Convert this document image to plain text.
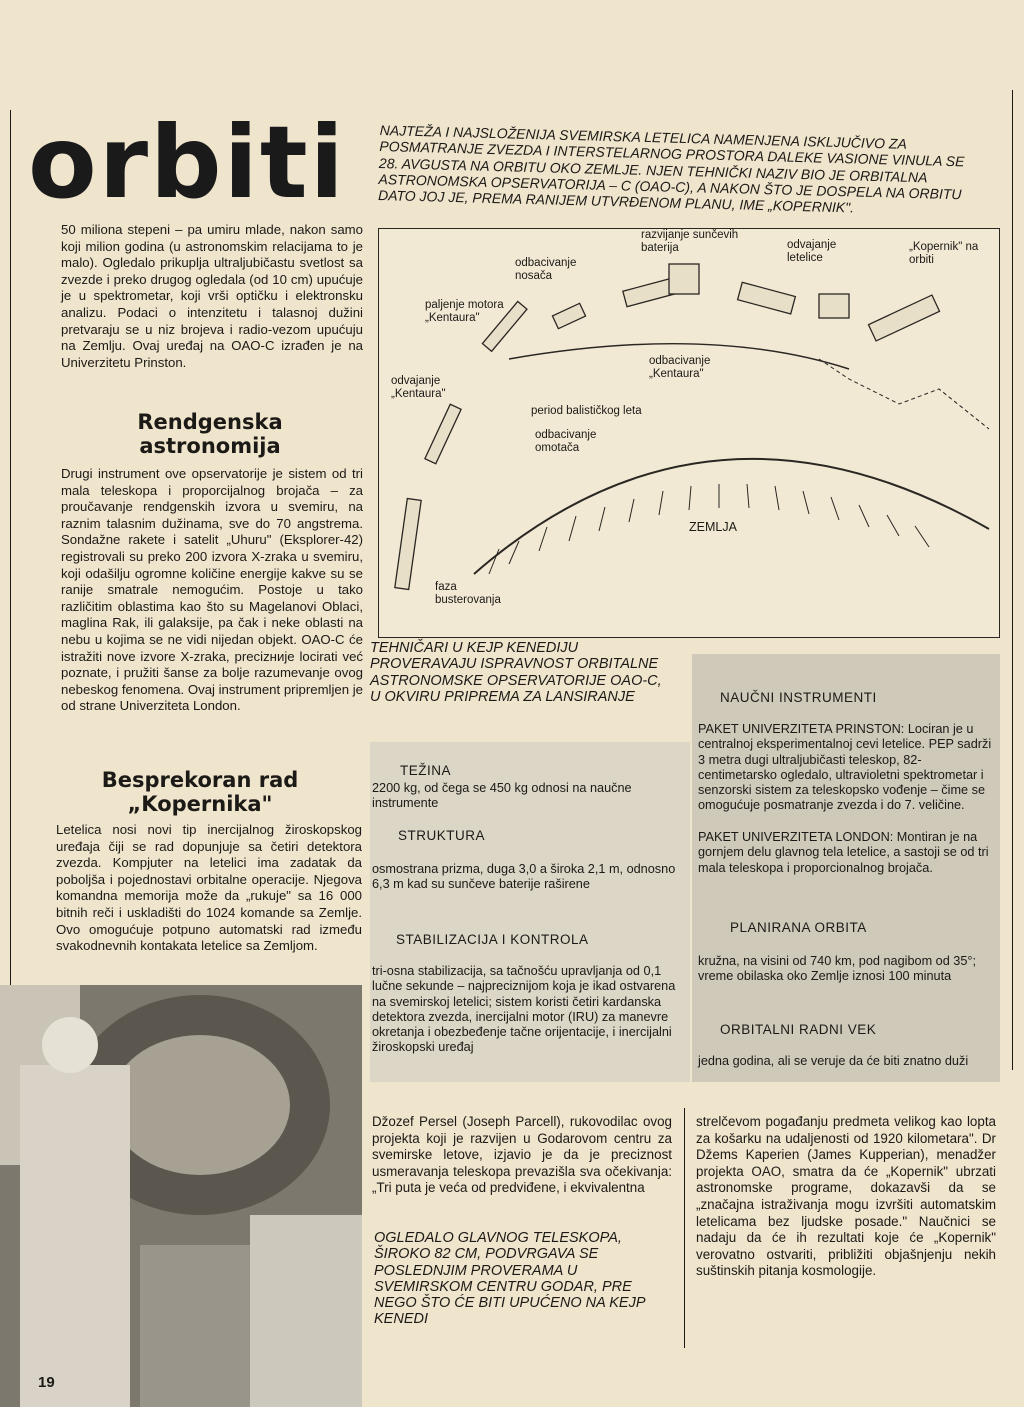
orbiti
50 miliona stepeni – pa umiru mlade, nakon samo koji milion godina (u astronomskim relacijama to je malo). Ogledalo prikuplja ultraljubičastu svetlost sa zvezde i preko drugog ogledala (od 10 cm) upućuje je u spektrometar, koji vrši optičku i elektronsku analizu. Podaci o intenzitetu i talasnoj dužini pretvaraju se u niz brojeva i radio-vezom upućuju na Zemlju. Ovaj uređaj na OAO-C izrađen je na Univerzitetu Prinston.
Rendgenska astronomija
Drugi instrument ove opservatorije je sistem od tri mala teleskopa i proporcijalnog brojača – za proučavanje rendgenskih izvora u svemiru, na raznim talasnim dužinama, sve do 70 angstrema. Sondažne rakete i satelit „Uhuru" (Eksplorer-42) registrovali su preko 200 izvora X-zraka u svemiru, koji odašilju ogromne količine energije kakve su se ranije smatrale nemogućim. Postoje u tako različitim oblastima kao što su Magelanovi Oblaci, maglina Rak, ili galaksije, pa čak i neke oblasti na nebu u kojima se ne vidi nijedan objekt. OAO-C će istražiti nove izvore X-zraka, precizније locirati već poznate, i pružiti šanse za bolje razumevanje ovog nebeskog fenomena. Ovaj instrument pripremljen je od strane Univerziteta London.
Besprekoran rad „Kopernika"
Letelica nosi novi tip inercijalnog žiroskopskog uređaja čiji se rad dopunjuje sa četiri detektora zvezda. Kompjuter na letelici ima zadatak da poboljša i pojednostavi orbitalne operacije. Njegova komandna memorija može da „rukuje" sa 16 000 bitnih reči i uskladišti do 1024 komande sa Zemlje. Ovo omogućuje potpuno automatski rad između svakodnevnih kontakata letelice sa Zemljom.
NAJTEŽA I NAJSLOŽENIJA SVEMIRSKA LETELICA NAMENJENA ISKLJUČIVO ZA POSMATRANJE ZVEZDA I INTERSTELARNOG PROSTORA DALEKE VASIONE VINULA SE 28. AVGUSTA NA ORBITU OKO ZEMLJE. NJEN TEHNIČKI NAZIV BIO JE ORBITALNA ASTRONOMSKA OPSERVATORIJA – C (OAO-C), A NAKON ŠTO JE DOSPELA NA ORBITU DATO JOJ JE, PREMA RANIJEM UTVRĐENOM PLANU, IME „KOPERNIK".
faza busterovanja
odvajanje „Kentaura"
paljenje motora „Kentaura"
odbacivanje nosača
razvijanje sunčevih baterija	odvajanje letelice
„Kopernik" na orbiti
odbacivanje „Kentaura"
period balističkog leta
odbacivanje omotača
ZEMLJA
TEHNIČARI U KEJP KENEDIJU PROVERAVAJU ISPRAVNOST ORBITALNE ASTRONOMSKE OPSERVATORIJE OAO-C, U OKVIRU PRIPREMA ZA LANSIRANJE
TEŽINA
2200 kg, od čega se 450 kg odnosi na naučne instrumente
STRUKTURA
osmostrana prizma, duga 3,0 a široka 2,1 m, odnosno 6,3 m kad su sunčeve baterije raširene
STABILIZACIJA I KONTROLA
tri-osna stabilizacija, sa tačnošću upravljanja od 0,1 lučne sekunde – najpreciznijom koja je ikad ostvarena na svemirskoj letelici; sistem koristi četiri kardanska detektora zvezda, inercijalni motor (IRU) za manevre okretanja i obezbeđenje tačne orijentacije, i inercijalni žiroskopski uređaj
NAUČNI INSTRUMENTI
PAKET UNIVERZITETA PRINSTON: Lociran je u centralnoj eksperimentalnoj cevi letelice. PEP sadrži 3 metra dugi ultraljubičasti teleskop, 82-centimetarsko ogledalo, ultravioletni spektrometar i senzorski sistem za teleskopsko vođenje – čime se omogućuje posmatranje zvezda i do 7. veličine.
PAKET UNIVERZITETA LONDON: Montiran je na gornjem delu glavnog tela letelice, a sastoji se od tri mala teleskopa i proporcionalnog brojača.
PLANIRANA ORBITA
kružna, na visini od 740 km, pod nagibom od 35°; vreme obilaska oko Zemlje iznosi 100 minuta
ORBITALNI RADNI VEK
jedna godina, ali se veruje da će biti znatno duži
Džozef Persel (Joseph Parcell), rukovodilac ovog projekta koji je razvijen u Godarovom centru za svemirske letove, izjavio je da je preciznost usmeravanja teleskopa prevazišla sva očekivanja: „Tri puta je veća od predviđene, i ekvivalentna
OGLEDALO GLAVNOG TELESKOPA, ŠIROKO 82 CM, PODVRGAVA SE POSLEDNJIM PROVERAMA U SVEMIRSKOM CENTRU GODAR, PRE NEGO ŠTO ĆE BITI UPUĆENO NA KEJP KENEDI
strelčevom pogađanju predmeta velikog kao lopta za košarku na udaljenosti od 1920 kilometara". Dr Džems Kaperien (James Kupperian), menadžer projekta OAO, smatra da će „Kopernik" ubrzati astronomske programe, dokazavši da se „značajna istraživanja mogu izvršiti automatskim letelicama bez ljudske posade." Naučnici se nadaju da će ih rezultati koje će „Kopernik" verovatno ostvariti, približiti objašnjenju nekih suštinskih pitanja kosmologije.
19
